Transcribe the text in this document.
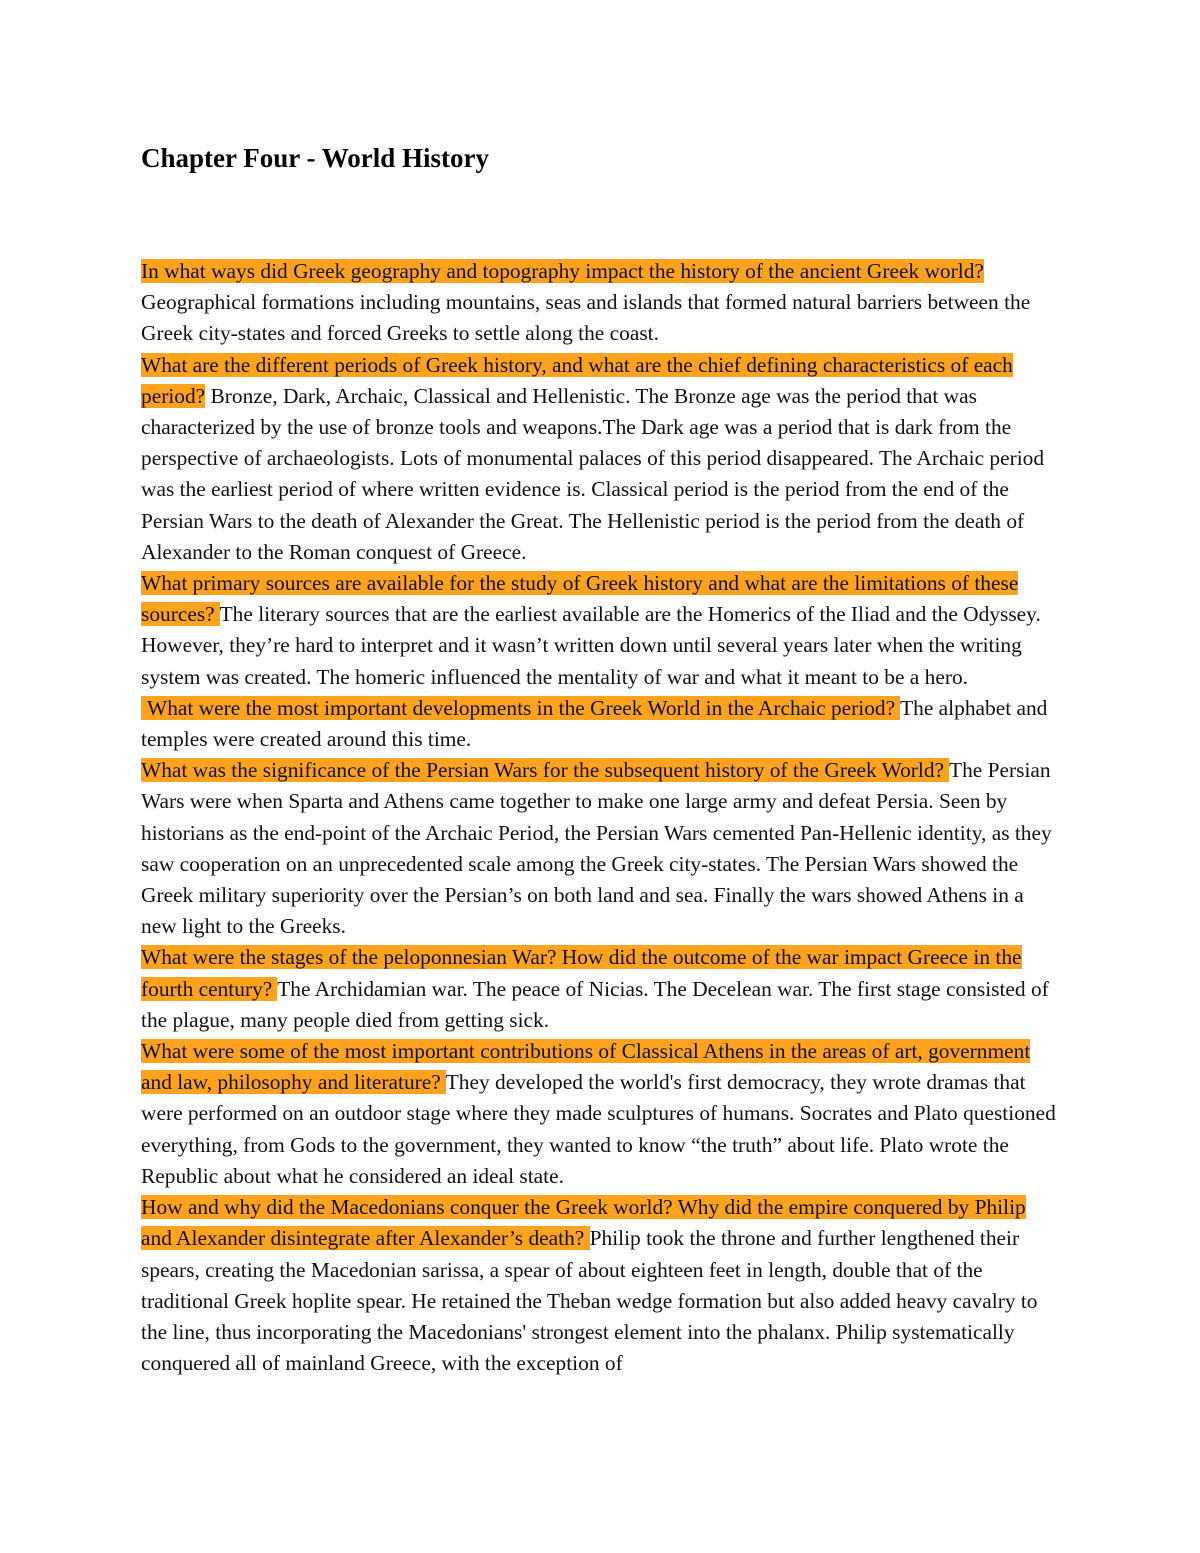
Chapter Four - World History

In what ways did Greek geography and topography impact the history of the ancient Greek world? Geographical formations including mountains, seas and islands that formed natural barriers between the Greek city-states and forced Greeks to settle along the coast.

What are the different periods of Greek history, and what are the chief defining characteristics of each period? Bronze, Dark, Archaic, Classical and Hellenistic. The Bronze age was the period that was characterized by the use of bronze tools and weapons.The Dark age was a period that is dark from the perspective of archaeologists. Lots of monumental palaces of this period disappeared. The Archaic period was the earliest period of where written evidence is. Classical period is the period from the end of the Persian Wars to the death of Alexander the Great. The Hellenistic period is the period from the death of Alexander to the Roman conquest of Greece.

What primary sources are available for the study of Greek history and what are the limitations of these sources? The literary sources that are the earliest available are the Homerics of the Iliad and the Odyssey. However, they’re hard to interpret and it wasn’t written down until several years later when the writing system was created. The homeric influenced the mentality of war and what it meant to be a hero.

What were the most important developments in the Greek World in the Archaic period? The alphabet and temples were created around this time.

What was the significance of the Persian Wars for the subsequent history of the Greek World? The Persian Wars were when Sparta and Athens came together to make one large army and defeat Persia. Seen by historians as the end-point of the Archaic Period, the Persian Wars cemented Pan-Hellenic identity, as they saw cooperation on an unprecedented scale among the Greek city-states. The Persian Wars showed the Greek military superiority over the Persian’s on both land and sea. Finally the wars showed Athens in a new light to the Greeks.

What were the stages of the peloponnesian War? How did the outcome of the war impact Greece in the fourth century? The Archidamian war. The peace of Nicias. The Decelean war. The first stage consisted of the plague, many people died from getting sick.

What were some of the most important contributions of Classical Athens in the areas of art, government and law, philosophy and literature? They developed the world's first democracy, they wrote dramas that were performed on an outdoor stage where they made sculptures of humans. Socrates and Plato questioned everything, from Gods to the government, they wanted to know “the truth” about life. Plato wrote the Republic about what he considered an ideal state.

How and why did the Macedonians conquer the Greek world? Why did the empire conquered by Philip and Alexander disintegrate after Alexander’s death? Philip took the throne and further lengthened their spears, creating the Macedonian sarissa, a spear of about eighteen feet in length, double that of the traditional Greek hoplite spear. He retained the Theban wedge formation but also added heavy cavalry to the line, thus incorporating the Macedonians' strongest element into the phalanx. Philip systematically conquered all of mainland Greece, with the exception of
